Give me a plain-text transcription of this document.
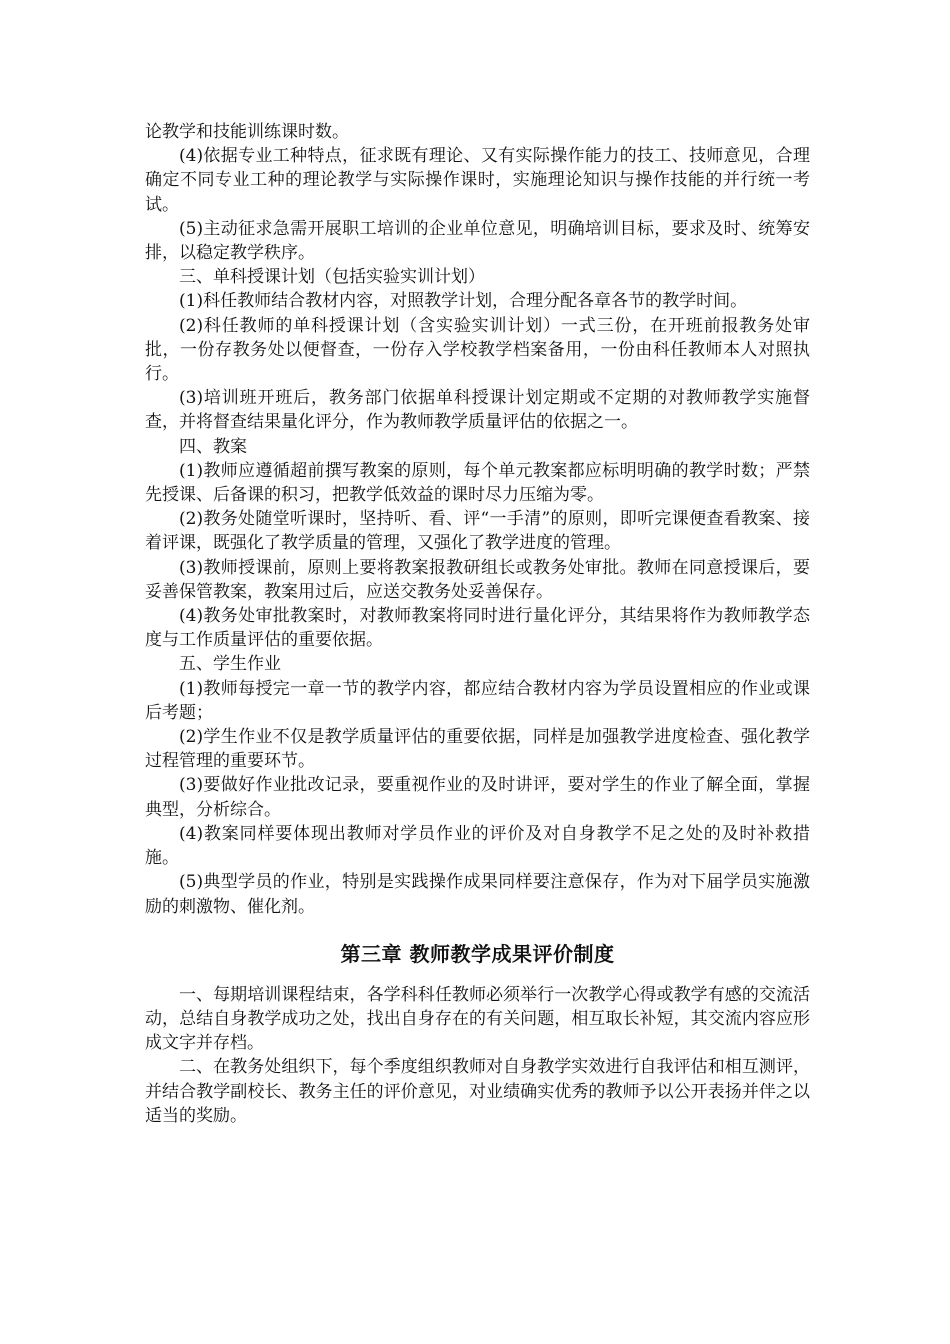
论教学和技能训练课时数。

(4)依据专业工种特点，征求既有理论、又有实际操作能力的技工、技师意见，合理确定不同专业工种的理论教学与实际操作课时，实施理论知识与操作技能的并行统一考试。

(5)主动征求急需开展职工培训的企业单位意见，明确培训目标，要求及时、统筹安排，以稳定教学秩序。

三、单科授课计划（包括实验实训计划）

(1)科任教师结合教材内容，对照教学计划，合理分配各章各节的教学时间。

(2)科任教师的单科授课计划（含实验实训计划）一式三份，在开班前报教务处审批，一份存教务处以便督查，一份存入学校教学档案备用，一份由科任教师本人对照执行。

(3)培训班开班后，教务部门依据单科授课计划定期或不定期的对教师教学实施督查，并将督查结果量化评分，作为教师教学质量评估的依据之一。

四、教案

(1)教师应遵循超前撰写教案的原则，每个单元教案都应标明明确的教学时数；严禁先授课、后备课的积习，把教学低效益的课时尽力压缩为零。

(2)教务处随堂听课时，坚持听、看、评“一手清”的原则，即听完课便查看教案、接着评课，既强化了教学质量的管理，又强化了教学进度的管理。

(3)教师授课前，原则上要将教案报教研组长或教务处审批。教师在同意授课后，要妥善保管教案，教案用过后，应送交教务处妥善保存。

(4)教务处审批教案时，对教师教案将同时进行量化评分，其结果将作为教师教学态度与工作质量评估的重要依据。

五、学生作业

(1)教师每授完一章一节的教学内容，都应结合教材内容为学员设置相应的作业或课后考题；

(2)学生作业不仅是教学质量评估的重要依据，同样是加强教学进度检查、强化教学过程管理的重要环节。

(3)要做好作业批改记录，要重视作业的及时讲评，要对学生的作业了解全面，掌握典型，分析综合。

(4)教案同样要体现出教师对学员作业的评价及对自身教学不足之处的及时补救措施。

(5)典型学员的作业，特别是实践操作成果同样要注意保存，作为对下届学员实施激励的刺激物、催化剂。

第三章 教师教学成果评价制度

一、每期培训课程结束，各学科科任教师必须举行一次教学心得或教学有感的交流活动，总结自身教学成功之处，找出自身存在的有关问题，相互取长补短，其交流内容应形成文字并存档。

二、在教务处组织下，每个季度组织教师对自身教学实效进行自我评估和相互测评，并结合教学副校长、教务主任的评价意见，对业绩确实优秀的教师予以公开表扬并伴之以适当的奖励。
